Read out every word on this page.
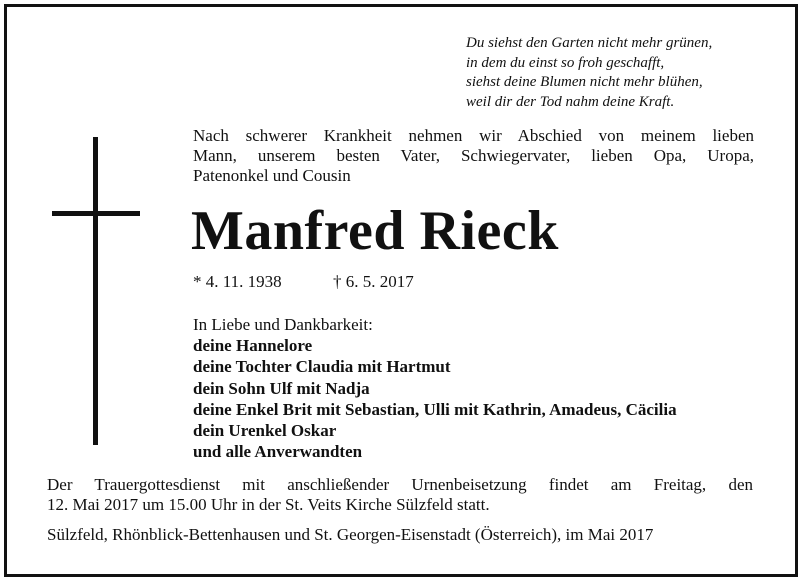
Du siehst den Garten nicht mehr grünen,
in dem du einst so froh geschafft,
siehst deine Blumen nicht mehr blühen,
weil dir der Tod nahm deine Kraft.
Nach schwerer Krankheit nehmen wir Abschied von meinem lieben
Mann, unserem besten Vater, Schwiegervater, lieben Opa, Uropa,
Patenonkel und Cousin
Manfred Rieck
* 4. 11. 1938	† 6. 5. 2017
In Liebe und Dankbarkeit:
deine Hannelore
deine Tochter Claudia mit Hartmut
dein Sohn Ulf mit Nadja
deine Enkel Brit mit Sebastian, Ulli mit Kathrin, Amadeus, Cäcilia
dein Urenkel Oskar
und alle Anverwandten
Der Trauergottesdienst mit anschließender Urnenbeisetzung findet am Freitag, den
12. Mai 2017 um 15.00 Uhr in der St. Veits Kirche Sülzfeld statt.
Sülzfeld, Rhönblick-Bettenhausen und St. Georgen-Eisenstadt (Österreich), im Mai 2017
